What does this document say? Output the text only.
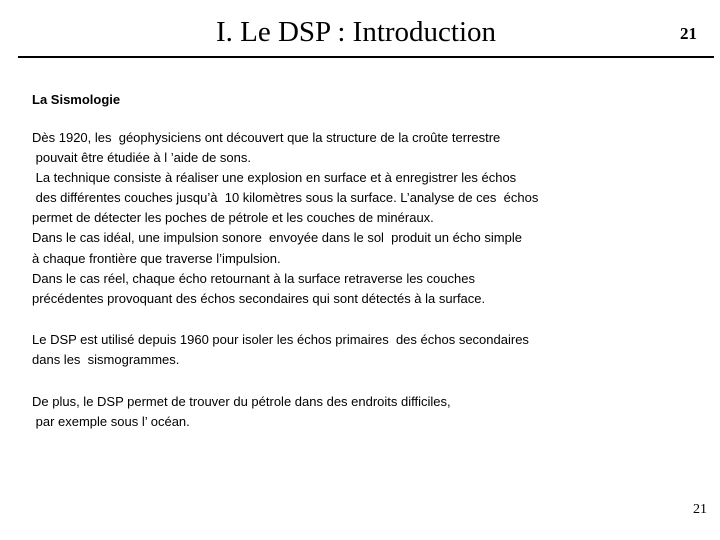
I. Le DSP : Introduction	21
La Sismologie
Dès 1920, les  géophysiciens ont découvert que la structure de la croûte terrestre
pouvait être étudiée à l ’aide de sons.
La technique consiste à réaliser une explosion en surface et à enregistrer les échos
des différentes couches jusqu’à  10 kilomètres sous la surface. L’analyse de ces  échos
permet de détecter les poches de pétrole et les couches de minéraux.
Dans le cas idéal, une impulsion sonore  envoyée dans le sol  produit un écho simple
à chaque frontière que traverse l’impulsion.
Dans le cas réel, chaque écho retournant à la surface retraverse les couches
précédentes provoquant des échos secondaires qui sont détectés à la surface.
Le DSP est utilisé depuis 1960 pour isoler les échos primaires  des échos secondaires
dans les  sismogrammes.
De plus, le DSP permet de trouver du pétrole dans des endroits difficiles,
par exemple sous l’ océan.
21
